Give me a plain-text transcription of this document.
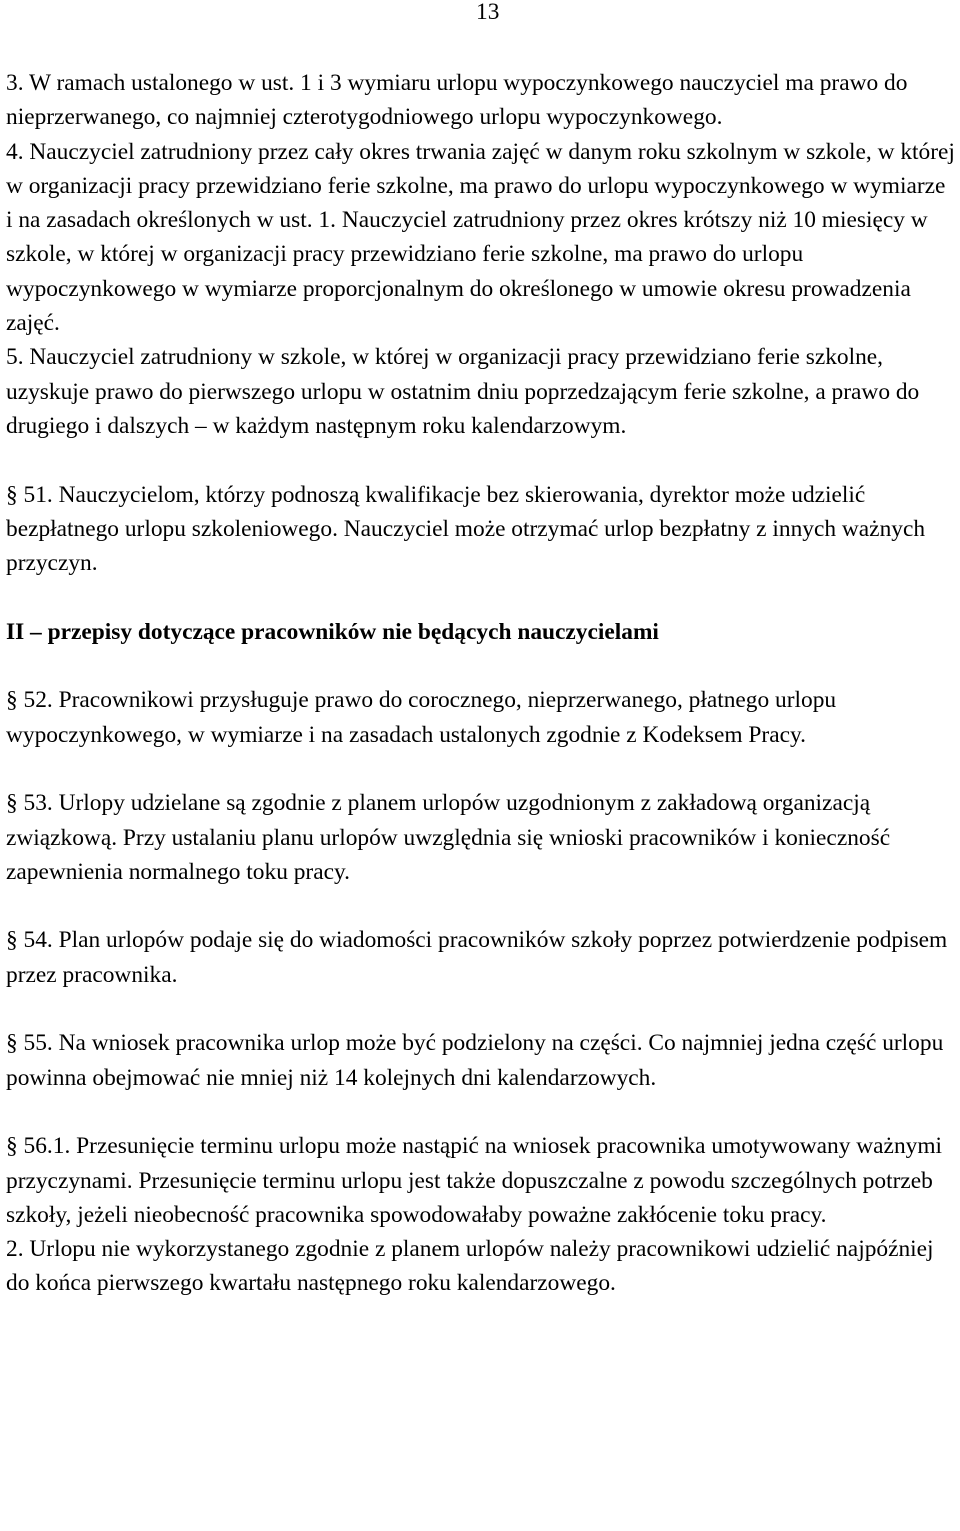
13

3. W ramach ustalonego w ust. 1 i 3 wymiaru urlopu wypoczynkowego nauczyciel ma prawo do nieprzerwanego, co najmniej czterotygodniowego urlopu wypoczynkowego.

4. Nauczyciel zatrudniony przez cały okres trwania zajęć w danym roku szkolnym w szkole, w której w organizacji pracy przewidziano ferie szkolne, ma prawo do urlopu wypoczynkowego w wymiarze i na zasadach określonych w ust. 1. Nauczyciel zatrudniony przez okres krótszy niż 10 miesięcy w szkole, w której w organizacji pracy przewidziano ferie szkolne, ma prawo do urlopu wypoczynkowego w wymiarze proporcjonalnym do określonego w umowie okresu prowadzenia zajęć.

5. Nauczyciel zatrudniony w szkole, w której w organizacji pracy przewidziano ferie szkolne, uzyskuje prawo do pierwszego urlopu w ostatnim dniu poprzedzającym ferie szkolne, a prawo do drugiego i dalszych – w każdym następnym roku kalendarzowym.

§ 51. Nauczycielom, którzy podnoszą kwalifikacje bez skierowania, dyrektor może udzielić bezpłatnego urlopu szkoleniowego. Nauczyciel może otrzymać urlop bezpłatny z innych ważnych przyczyn.

II – przepisy dotyczące pracowników nie będących nauczycielami

§ 52. Pracownikowi przysługuje prawo do corocznego, nieprzerwanego, płatnego urlopu wypoczynkowego, w wymiarze i na zasadach ustalonych zgodnie z Kodeksem Pracy.

§ 53. Urlopy udzielane są zgodnie z planem urlopów uzgodnionym z zakładową organizacją związkową. Przy ustalaniu planu urlopów uwzględnia się wnioski pracowników i konieczność zapewnienia normalnego toku pracy.

§ 54. Plan urlopów podaje się do wiadomości pracowników szkoły poprzez potwierdzenie podpisem przez pracownika.

§ 55. Na wniosek pracownika urlop może być podzielony na części. Co najmniej jedna część urlopu powinna obejmować nie mniej niż 14 kolejnych dni kalendarzowych.

§ 56.1. Przesunięcie terminu urlopu może nastąpić na wniosek pracownika umotywowany ważnymi przyczynami. Przesunięcie terminu urlopu jest także dopuszczalne z powodu szczególnych potrzeb szkoły, jeżeli nieobecność pracownika spowodowałaby poważne zakłócenie toku pracy.

2. Urlopu nie wykorzystanego zgodnie z planem urlopów należy pracownikowi udzielić najpóźniej do końca pierwszego kwartału następnego roku kalendarzowego.
